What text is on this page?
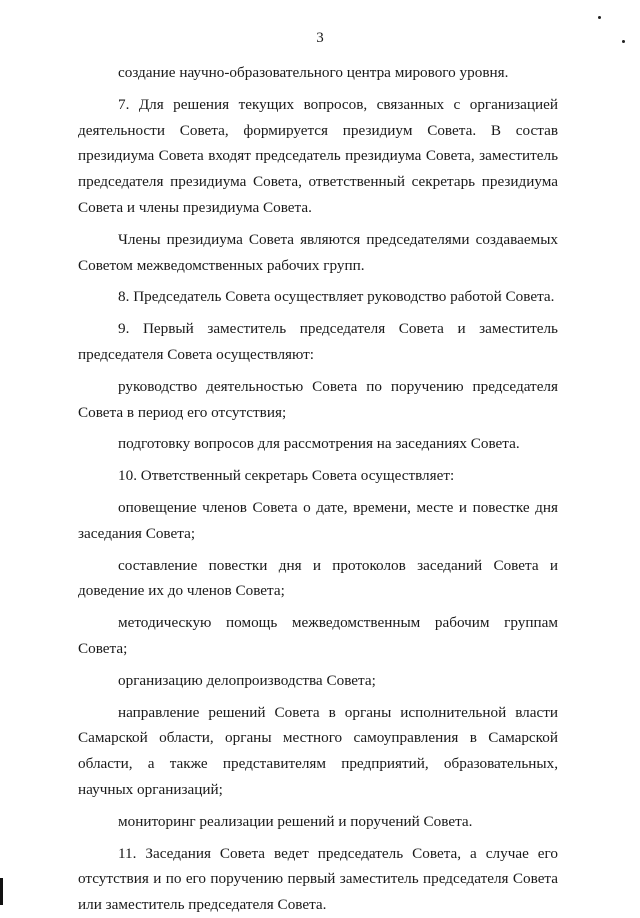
3

создание научно-образовательного центра мирового уровня.

7. Для решения текущих вопросов, связанных с организацией деятельности Совета, формируется президиум Совета. В состав президиума Совета входят председатель президиума Совета, заместитель председателя президиума Совета, ответственный секретарь президиума Совета и члены президиума Совета.

Члены президиума Совета являются председателями создаваемых Советом межведомственных рабочих групп.

8. Председатель Совета осуществляет руководство работой Совета.

9. Первый заместитель председателя Совета и заместитель председателя Совета осуществляют:

руководство деятельностью Совета по поручению председателя Совета в период его отсутствия;

подготовку вопросов для рассмотрения на заседаниях Совета.

10. Ответственный секретарь Совета осуществляет:

оповещение членов Совета о дате, времени, месте и повестке дня заседания Совета;

составление повестки дня и протоколов заседаний Совета и доведение их до членов Совета;

методическую помощь межведомственным рабочим группам Совета;

организацию делопроизводства Совета;

направление решений Совета в органы исполнительной власти Самарской области, органы местного самоуправления в Самарской области, а также представителям предприятий, образовательных, научных организаций;

мониторинг реализации решений и поручений Совета.

11. Заседания Совета ведет председатель Совета, а случае его отсутствия и по его поручению первый заместитель председателя Совета или заместитель председателя Совета.
